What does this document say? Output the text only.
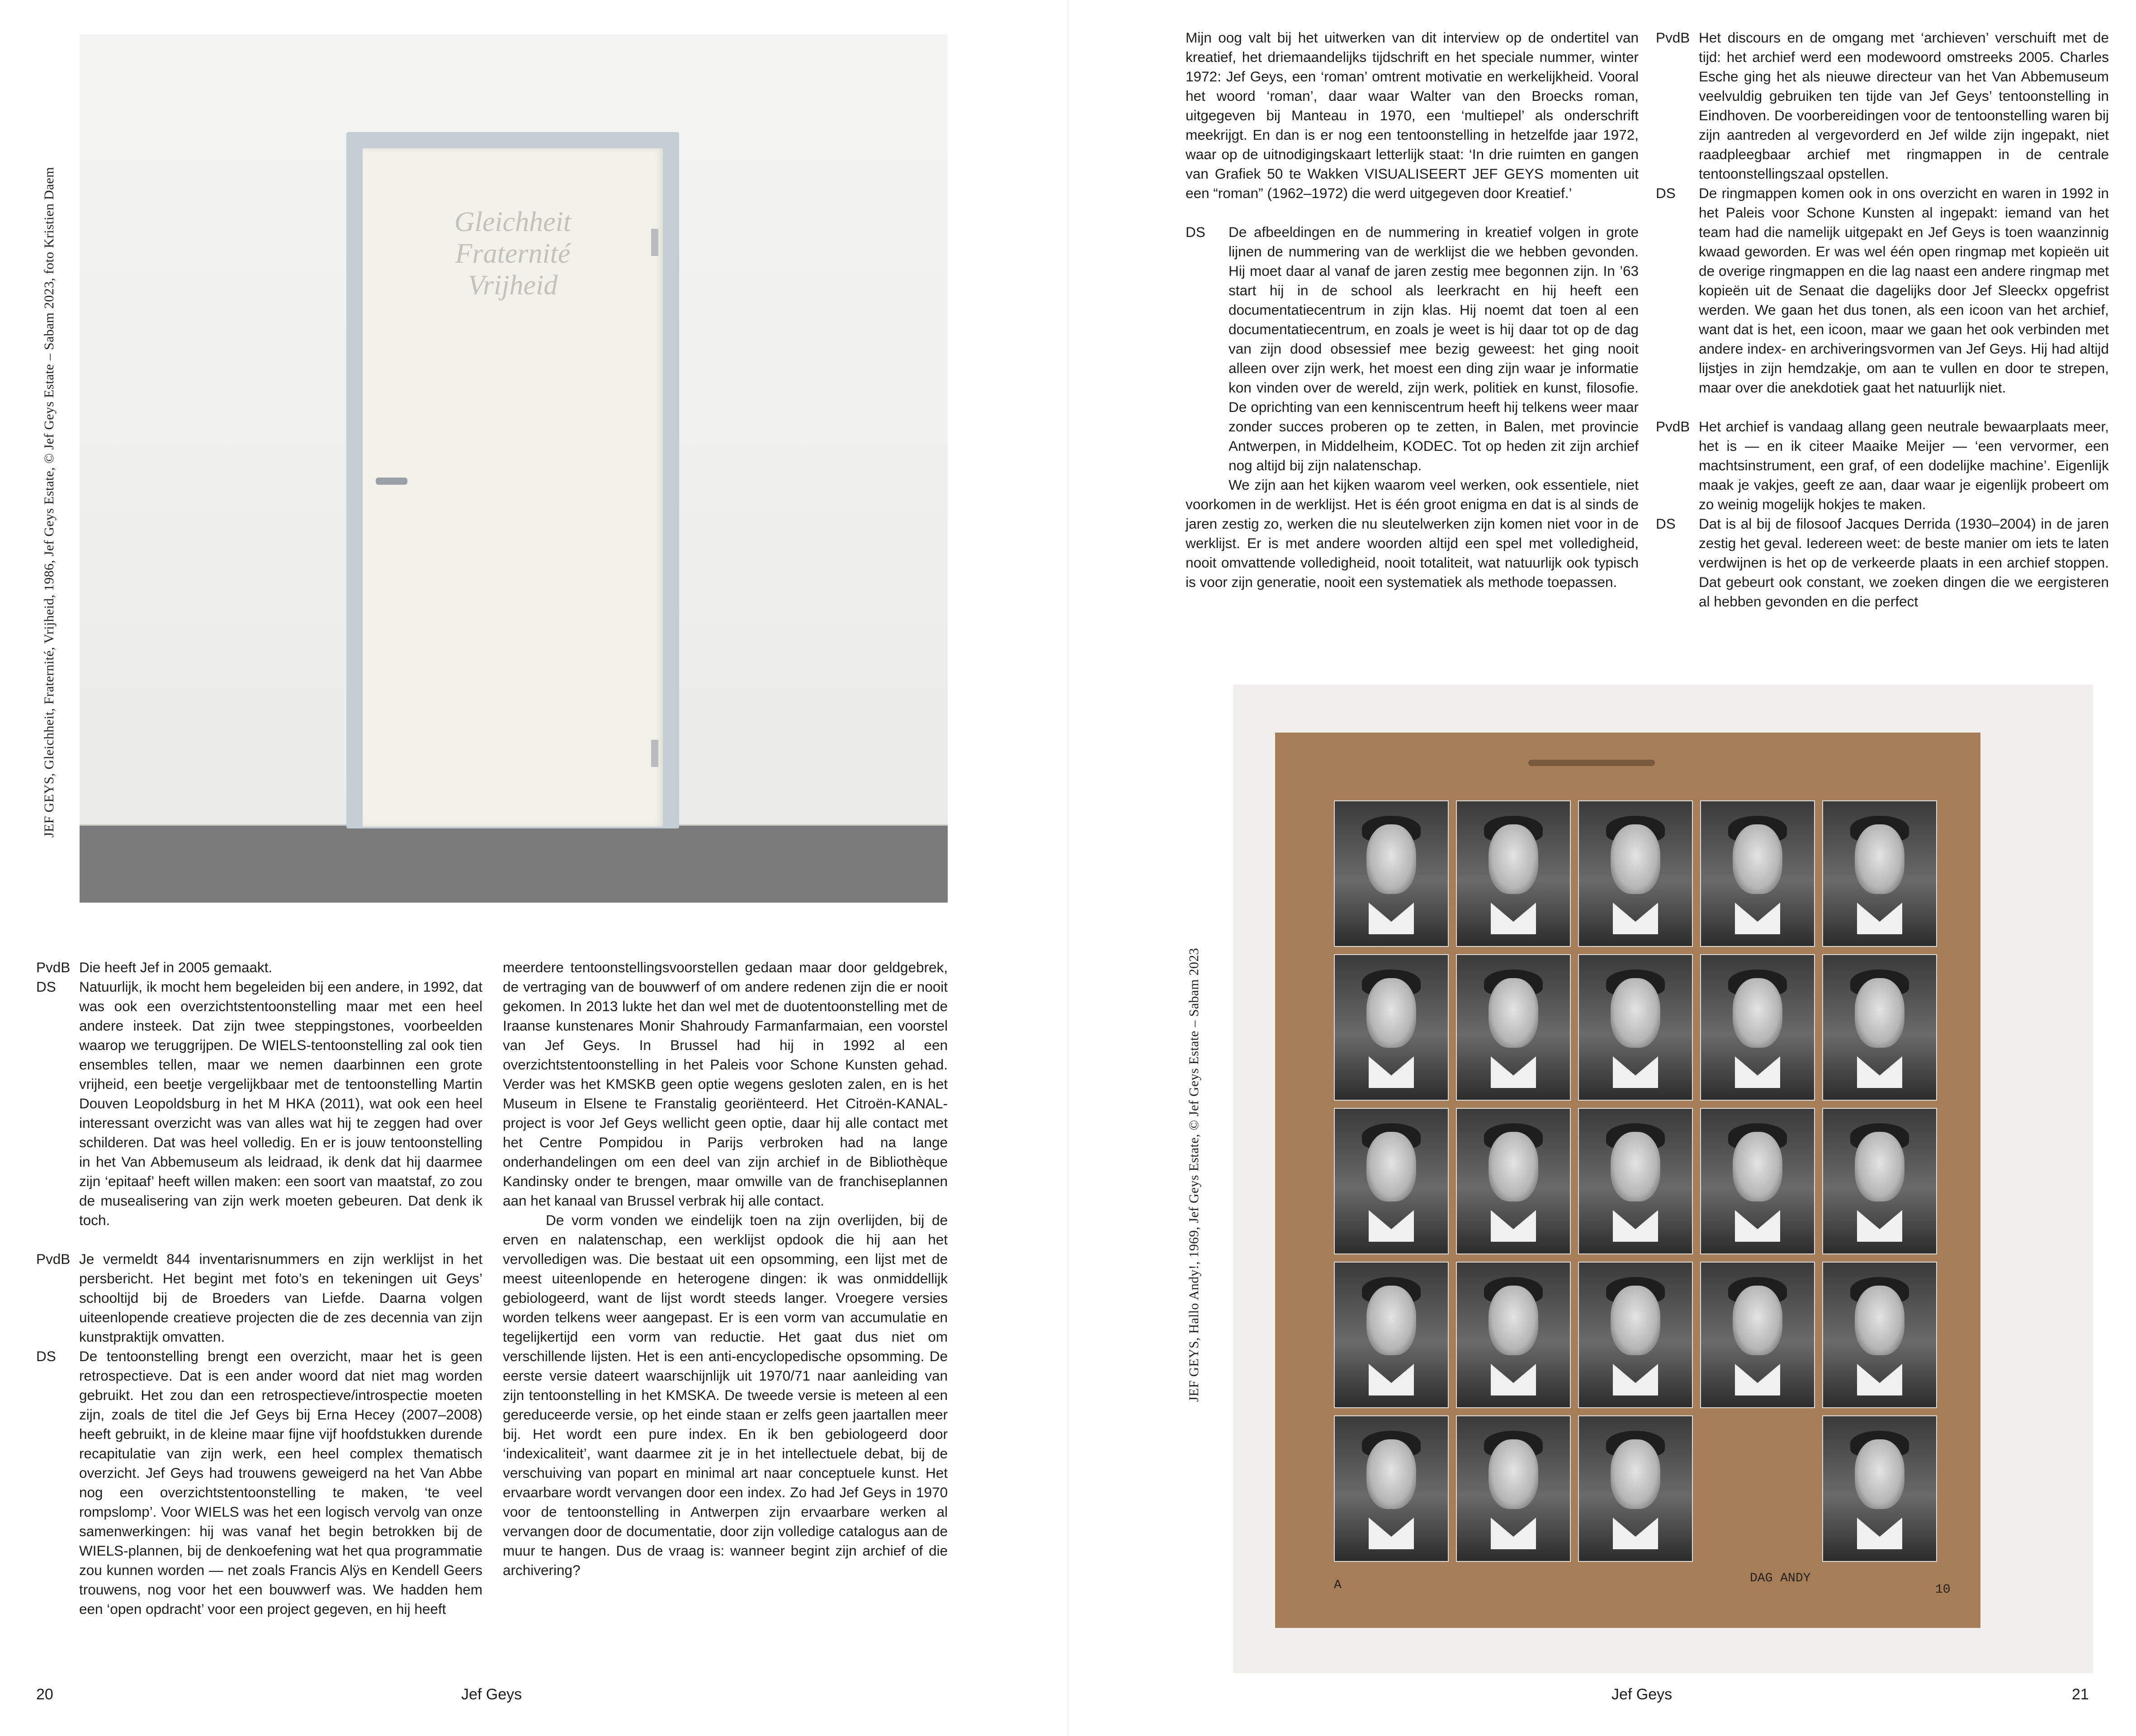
JEF GEYS, Gleichheit, Fraternité, Vrijheid, 1986, Jef Geys Estate, © Jef Geys Estate – Sabam 2023, foto Kristien Daem	Gleichheit
Fraternité
Vrijheid
PvdB Die heeft Jef in 2005 gemaakt.
DS	Natuurlijk, ik mocht hem begeleiden bij een andere, in 1992, dat was ook een overzichtstentoonstelling maar met een heel andere insteek. Dat zijn twee steppingstones, voorbeelden waarop we teruggrijpen. De WIELS-tentoonstelling zal ook tien ensembles tellen, maar we nemen daarbinnen een grote vrijheid, een beetje vergelijkbaar met de tentoonstelling Martin Douven Leopoldsburg in het M HKA (2011), wat ook een heel interessant overzicht was van alles wat hij te zeggen had over schilderen. Dat was heel volledig. En er is jouw tentoonstelling in het Van Abbemuseum als leidraad, ik denk dat hij daarmee zijn ‘epitaaf’ heeft willen maken: een soort van maatstaf, zo zou de musealisering van zijn werk moeten gebeuren. Dat denk ik toch.
PvdB Je vermeldt 844 inventarisnummers en zijn werklijst in het persbericht. Het begint met foto’s en tekeningen uit Geys’ schooltijd bij de Broeders van Liefde. Daarna volgen uiteenlopende creatieve projecten die de zes decennia van zijn kunstpraktijk omvatten.
DS	De tentoonstelling brengt een overzicht, maar het is geen retrospectieve. Dat is een ander woord dat niet mag worden gebruikt. Het zou dan een retrospectieve/introspectie moeten zijn, zoals de titel die Jef Geys bij Erna Hecey (2007–2008) heeft gebruikt, in de kleine maar fijne vijf hoofdstukken durende recapitulatie van zijn werk, een heel complex thematisch overzicht. Jef Geys had trouwens geweigerd na het Van Abbe nog een overzichtstentoonstelling te maken, ‘te veel rompslomp’. Voor WIELS was het een logisch vervolg van onze samenwerkingen: hij was vanaf het begin betrokken bij de WIELS-plannen, bij de denkoefening wat het qua programmatie zou kunnen worden — net zoals Francis Alÿs en Kendell Geers trouwens, nog voor het een bouwwerf was. We hadden hem een ‘open opdracht’ voor een project gegeven, en hij heeft

meerdere tentoonstellingsvoorstellen gedaan maar door geldgebrek, de vertraging van de bouwwerf of om andere redenen zijn die er nooit gekomen. In 2013 lukte het dan wel met de duotentoonstelling met de Iraanse kunstenares Monir Shahroudy Farmanfarmaian, een voorstel van Jef Geys. In Brussel had hij in 1992 al een overzichtstentoonstelling in het Paleis voor Schone Kunsten gehad. Verder was het KMSKB geen optie wegens gesloten zalen, en is het Museum in Elsene te Franstalig georiënteerd. Het Citroën-KANAL-project is voor Jef Geys wellicht geen optie, daar hij alle contact met het Centre Pompidou in Parijs verbroken had na lange onderhandelingen om een deel van zijn archief in de Bibliothèque Kandinsky onder te brengen, maar omwille van de franchiseplannen aan het kanaal van Brussel verbrak hij alle contact.

De vorm vonden we eindelijk toen na zijn overlijden, bij de erven en nalatenschap, een werklijst opdook die hij aan het vervolledigen was. Die bestaat uit een opsomming, een lijst met de meest uiteenlopende en heterogene dingen: ik was onmiddellijk gebiologeerd, want de lijst wordt steeds langer. Vroegere versies worden telkens weer aangepast. Er is een vorm van accumulatie en tegelijkertijd een vorm van reductie. Het gaat dus niet om verschillende lijsten. Het is een anti-encyclopedische opsomming. De eerste versie dateert waarschijnlijk uit 1970/71 naar aanleiding van zijn tentoonstelling in het KMSKA. De tweede versie is meteen al een gereduceerde versie, op het einde staan er zelfs geen jaartallen meer bij. Het wordt een pure index. En ik ben gebiologeerd door ‘indexicaliteit’, want daarmee zit je in het intellectuele debat, bij de verschuiving van popart en minimal art naar conceptuele kunst. Het ervaarbare wordt vervangen door een index. Zo had Jef Geys in 1970 voor de tentoonstelling in Antwerpen zijn ervaarbare werken al vervangen door de documentatie, door zijn volledige catalogus aan de muur te hangen. Dus de vraag is: wanneer begint zijn archief of die archivering?

20	Jef Geys

Mijn oog valt bij het uitwerken van dit interview op de ondertitel van kreatief, het driemaandelijks tijdschrift en het speciale nummer, winter 1972: Jef Geys, een ‘roman’ omtrent motivatie en werkelijkheid. Vooral het woord ‘roman’, daar waar Walter van den Broecks roman, uitgegeven bij Manteau in 1970, een ‘multiepel’ als onderschrift meekrijgt. En dan is er nog een tentoonstelling in hetzelfde jaar 1972, waar op de uitnodigingskaart letterlijk staat: ‘In drie ruimten en gangen van Grafiek 50 te Wakken VISUALISEERT JEF GEYS momenten uit een “roman” (1962–1972) die werd uitgegeven door Kreatief.’

DS	De afbeeldingen en de nummering in kreatief volgen in grote lijnen de nummering van de werklijst die we hebben gevonden. Hij moet daar al vanaf de jaren zestig mee begonnen zijn. In ’63 start hij in de school als leerkracht en hij heeft een documentatiecentrum in zijn klas. Hij noemt dat toen al een documentatiecentrum, en zoals je weet is hij daar tot op de dag van zijn dood obsessief mee bezig geweest: het ging nooit alleen over zijn werk, het moest een ding zijn waar je informatie kon vinden over de wereld, zijn werk, politiek en kunst, filosofie. De oprichting van een kenniscentrum heeft hij telkens weer maar zonder succes proberen op te zetten, in Balen, met provincie Antwerpen, in Middelheim, KODEC. Tot op heden zit zijn archief nog altijd bij zijn nalatenschap.

We zijn aan het kijken waarom veel werken, ook essentiele, niet voorkomen in de werklijst. Het is één groot enigma en dat is al sinds de jaren zestig zo, werken die nu sleutelwerken zijn komen niet voor in de werklijst. Er is met andere woorden altijd een spel met volledigheid, nooit omvattende volledigheid, nooit totaliteit, wat natuurlijk ook typisch is voor zijn generatie, nooit een systematiek als methode toepassen.

PvdB Het discours en de omgang met ‘archieven’ verschuift met de tijd: het archief werd een modewoord omstreeks 2005. Charles Esche ging het als nieuwe directeur van het Van Abbemuseum veelvuldig gebruiken ten tijde van Jef Geys’ tentoonstelling in Eindhoven. De voorbereidingen voor de tentoonstelling waren bij zijn aantreden al vergevorderd en Jef wilde zijn ingepakt, niet raadpleegbaar archief met ringmappen in de centrale tentoonstellingszaal opstellen.
DS	De ringmappen komen ook in ons overzicht en waren in 1992 in het Paleis voor Schone Kunsten al ingepakt: iemand van het team had die namelijk uitgepakt en Jef Geys is toen waanzinnig kwaad geworden. Er was wel één open ringmap met kopieën uit de overige ringmappen en die lag naast een andere ringmap met kopieën uit de Senaat die dagelijks door Jef Sleeckx opgefrist werden. We gaan het dus tonen, als een icoon van het archief, want dat is het, een icoon, maar we gaan het ook verbinden met andere index- en archiveringsvormen van Jef Geys. Hij had altijd lijstjes in zijn hemdzakje, om aan te vullen en door te strepen, maar over die anekdotiek gaat het natuurlijk niet.
PvdB Het archief is vandaag allang geen neutrale bewaarplaats meer, het is — en ik citeer Maaike Meijer — ‘een vervormer, een machtsinstrument, een graf, of een dodelijke machine’. Eigenlijk maak je vakjes, geeft ze aan, daar waar je eigenlijk probeert om zo weinig mogelijk hokjes te maken.
DS	Dat is al bij de filosoof Jacques Derrida (1930–2004) in de jaren zestig het geval. Iedereen weet: de beste manier om iets te laten verdwijnen is het op de verkeerde plaats in een archief stoppen. Dat gebeurt ook constant, we zoeken dingen die we eergisteren al hebben gevonden en die perfect
JEF GEYS, Hallo Andy!, 1969, Jef Geys Estate, © Jef Geys Estate – Sabam 2023
Jef Geys	21
A	DAG ANDY
10
